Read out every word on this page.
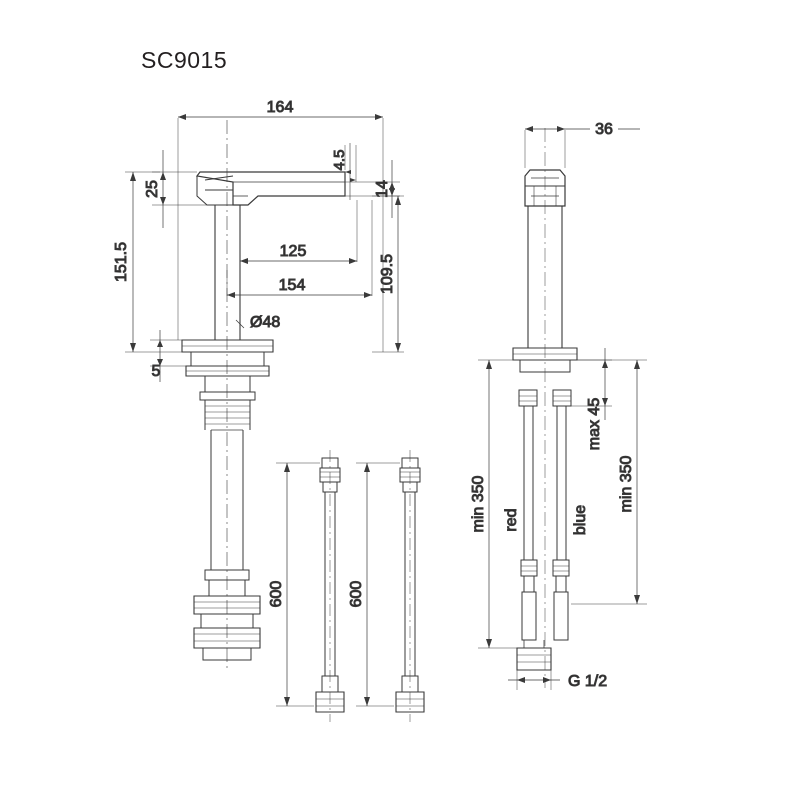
SC9015
164
4.5
14
25
151.5
5
125
154	109.5
Ø48
600	600
36
min 350 red	blue
max 45
min 350
G 1/2
